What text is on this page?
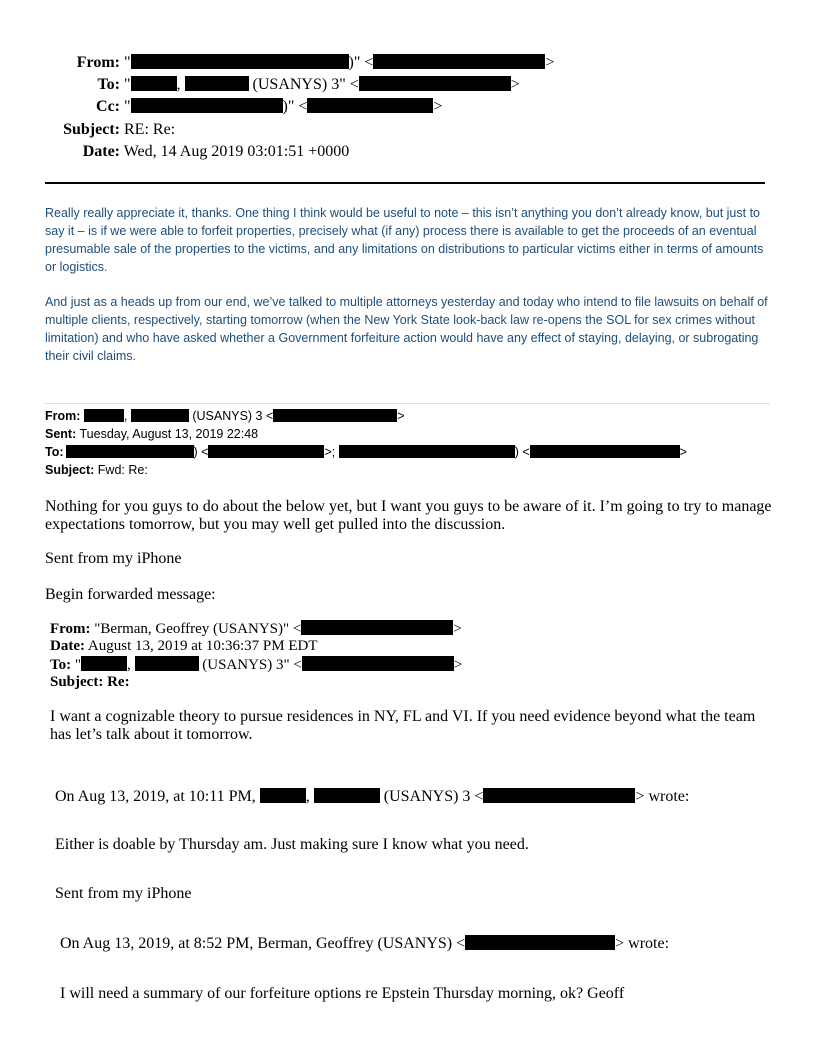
From: "	)" <	>
To: "	,	(USANYS) 3" <	>
Cc: "	)" <	>
Subject: RE: Re:
Date: Wed, 14 Aug 2019 03:01:51 +0000
Really really appreciate it, thanks. One thing I think would be useful to note – this isn’t anything you don’t already know, but just to say it – is if we were able to forfeit properties, precisely what (if any) process there is available to get the proceeds of an eventual presumable sale of the properties to the victims, and any limitations on distributions to particular victims either in terms of amounts or logistics.
And just as a heads up from our end, we’ve talked to multiple attorneys yesterday and today who intend to file lawsuits on behalf of multiple clients, respectively, starting tomorrow (when the New York State look-back law re-opens the SOL for sex crimes without limitation) and who have asked whether a Government forfeiture action would have any effect of staying, delaying, or subrogating their civil claims.
From:	,	(USANYS) 3 <	>
Sent: Tuesday, August 13, 2019 22:48
To:	) <	>;	) <	>
Subject: Fwd: Re:
Nothing for you guys to do about the below yet, but I want you guys to be aware of it. I’m going to try to manage expectations tomorrow, but you may well get pulled into the discussion.
Sent from my iPhone
Begin forwarded message:
From: "Berman, Geoffrey (USANYS)" <	>
Date: August 13, 2019 at 10:36:37 PM EDT
To: "	,	(USANYS) 3" <	>
Subject: Re:
I want a cognizable theory to pursue residences in NY, FL and VI. If you need evidence beyond what the team has let’s talk about it tomorrow.
On Aug 13, 2019, at 10:11 PM,	,	(USANYS) 3 <	> wrote:
Either is doable by Thursday am. Just making sure I know what you need.
Sent from my iPhone
On Aug 13, 2019, at 8:52 PM, Berman, Geoffrey (USANYS) <	> wrote:
I will need a summary of our forfeiture options re Epstein Thursday morning, ok? Geoff
